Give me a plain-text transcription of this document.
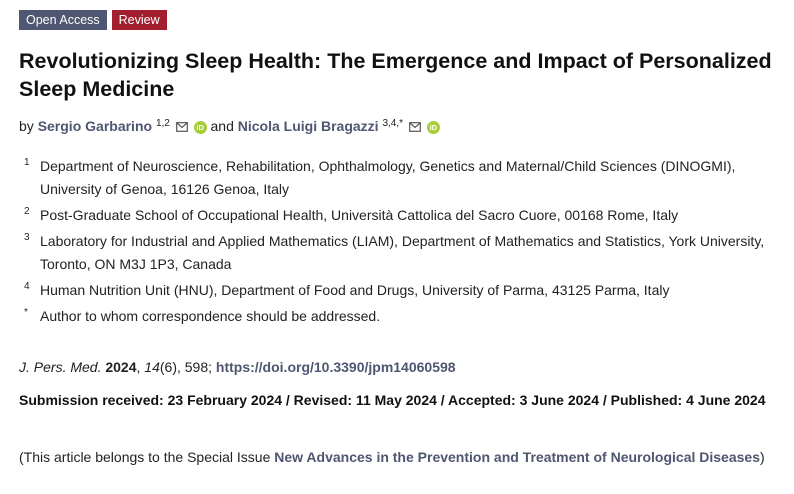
Open Access	Review
Revolutionizing Sleep Health: The Emergence and Impact of Personalized Sleep Medicine
by Sergio Garbarino $^{1,2}$	iD and Nicola Luigi Bragazzi $^{3,4,*}$	iD
1 Department of Neuroscience, Rehabilitation, Ophthalmology, Genetics and Maternal/Child Sciences (DINOGMI), University of Genoa, 16126 Genoa, Italy
2 Post-Graduate School of Occupational Health, Università Cattolica del Sacro Cuore, 00168 Rome, Italy
3 Laboratory for Industrial and Applied Mathematics (LIAM), Department of Mathematics and Statistics, York University, Toronto, ON M3J 1P3, Canada
4 Human Nutrition Unit (HNU), Department of Food and Drugs, University of Parma, 43125 Parma, Italy
* Author to whom correspondence should be addressed.
J. Pers. Med. 2024, 14(6), 598; https://doi.org/10.3390/jpm14060598
Submission received: 23 February 2024 / Revised: 11 May 2024 / Accepted: 3 June 2024 / Published: 4 June 2024
(This article belongs to the Special Issue New Advances in the Prevention and Treatment of Neurological Diseases)
